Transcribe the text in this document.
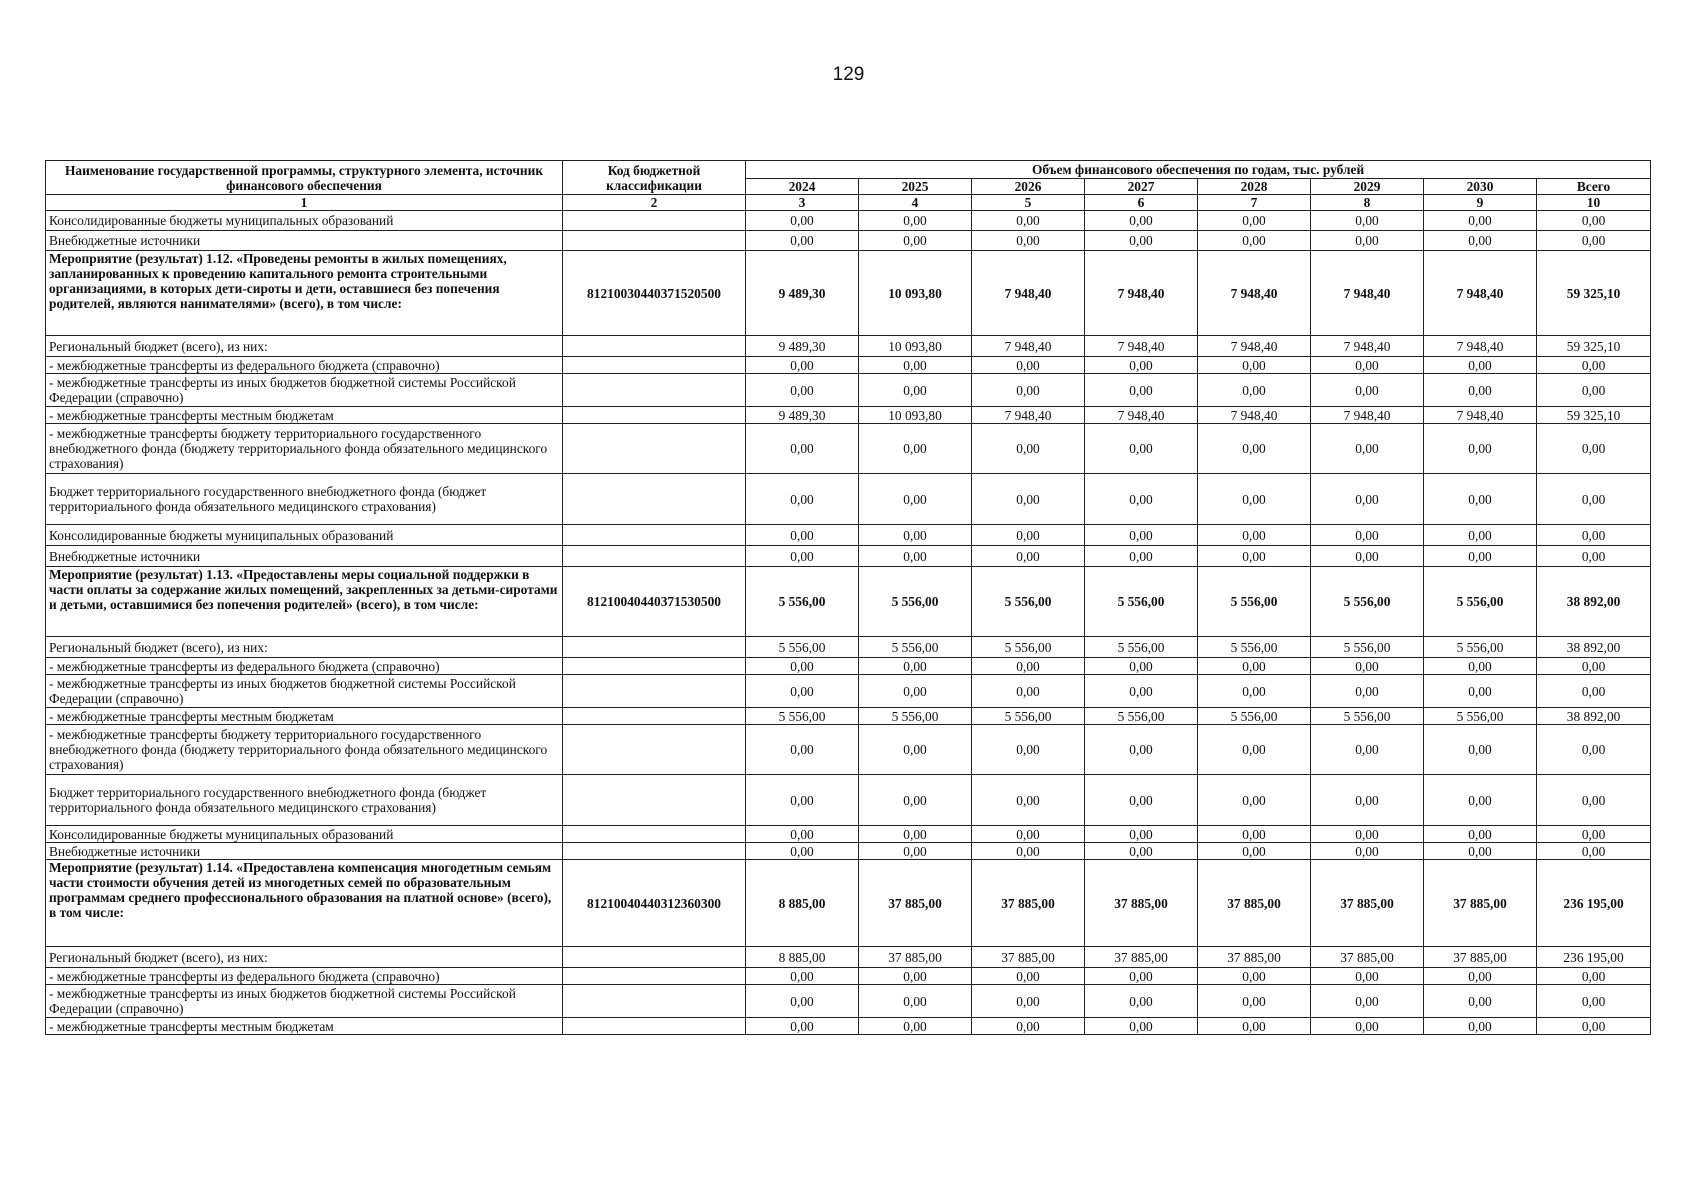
129
Наименование государственной программы, структурного элемента, источник финансового обеспечения	Код бюджетной классификации	Объем финансового обеспечения по годам, тыс. рублей							
		2024	2025	2026	2027	2028	2029	2030	Всего
1	2	3	4	5	6	7	8	9	10
Консолидированные бюджеты муниципальных образований		0,00	0,00	0,00	0,00	0,00	0,00	0,00	0,00
Внебюджетные источники		0,00	0,00	0,00	0,00	0,00	0,00	0,00	0,00
Мероприятие (результат) 1.12. «Проведены ремонты в жилых помещениях, запланированных к проведению капитального ремонта строительными организациями, в которых дети-сироты и дети, оставшиеся без попечения родителей, являются нанимателями» (всего), в том числе:	81210030440371520500	9 489,30	10 093,80	7 948,40	7 948,40	7 948,40	7 948,40	7 948,40	59 325,10
Региональный бюджет (всего), из них:		9 489,30	10 093,80	7 948,40	7 948,40	7 948,40	7 948,40	7 948,40	59 325,10
- межбюджетные трансферты из федерального бюджета (справочно)		0,00	0,00	0,00	0,00	0,00	0,00	0,00	0,00
- межбюджетные трансферты из иных бюджетов бюджетной системы Российской Федерации (справочно)		0,00	0,00	0,00	0,00	0,00	0,00	0,00	0,00
- межбюджетные трансферты местным бюджетам		9 489,30	10 093,80	7 948,40	7 948,40	7 948,40	7 948,40	7 948,40	59 325,10
- межбюджетные трансферты бюджету территориального государственного внебюджетного фонда (бюджету территориального фонда обязательного медицинского страхования)		0,00	0,00	0,00	0,00	0,00	0,00	0,00	0,00
Бюджет территориального государственного внебюджетного фонда (бюджет территориального фонда обязательного медицинского страхования)		0,00	0,00	0,00	0,00	0,00	0,00	0,00	0,00
Консолидированные бюджеты муниципальных образований		0,00	0,00	0,00	0,00	0,00	0,00	0,00	0,00
Внебюджетные источники		0,00	0,00	0,00	0,00	0,00	0,00	0,00	0,00
Мероприятие (результат) 1.13. «Предоставлены меры социальной поддержки в части оплаты за содержание жилых помещений, закрепленных за детьми-сиротами и детьми, оставшимися без попечения родителей» (всего), в том числе:	81210040440371530500	5 556,00	5 556,00	5 556,00	5 556,00	5 556,00	5 556,00	5 556,00	38 892,00
Региональный бюджет (всего), из них:		5 556,00	5 556,00	5 556,00	5 556,00	5 556,00	5 556,00	5 556,00	38 892,00
- межбюджетные трансферты из федерального бюджета (справочно)		0,00	0,00	0,00	0,00	0,00	0,00	0,00	0,00
- межбюджетные трансферты из иных бюджетов бюджетной системы Российской Федерации (справочно)		0,00	0,00	0,00	0,00	0,00	0,00	0,00	0,00
- межбюджетные трансферты местным бюджетам		5 556,00	5 556,00	5 556,00	5 556,00	5 556,00	5 556,00	5 556,00	38 892,00
- межбюджетные трансферты бюджету территориального государственного внебюджетного фонда (бюджету территориального фонда обязательного медицинского страхования)		0,00	0,00	0,00	0,00	0,00	0,00	0,00	0,00
Бюджет территориального государственного внебюджетного фонда (бюджет территориального фонда обязательного медицинского страхования)		0,00	0,00	0,00	0,00	0,00	0,00	0,00	0,00
Консолидированные бюджеты муниципальных образований		0,00	0,00	0,00	0,00	0,00	0,00	0,00	0,00
Внебюджетные источники		0,00	0,00	0,00	0,00	0,00	0,00	0,00	0,00
Мероприятие (результат) 1.14. «Предоставлена компенсация многодетным семьям части стоимости обучения детей из многодетных семей по образовательным программам среднего профессионального образования на платной основе» (всего), в том числе:	81210040440312360300	8 885,00	37 885,00	37 885,00	37 885,00	37 885,00	37 885,00	37 885,00	236 195,00
Региональный бюджет (всего), из них:		8 885,00	37 885,00	37 885,00	37 885,00	37 885,00	37 885,00	37 885,00	236 195,00
- межбюджетные трансферты из федерального бюджета (справочно)		0,00	0,00	0,00	0,00	0,00	0,00	0,00	0,00
- межбюджетные трансферты из иных бюджетов бюджетной системы Российской Федерации (справочно)		0,00	0,00	0,00	0,00	0,00	0,00	0,00	0,00
- межбюджетные трансферты местным бюджетам		0,00	0,00	0,00	0,00	0,00	0,00	0,00	0,00
